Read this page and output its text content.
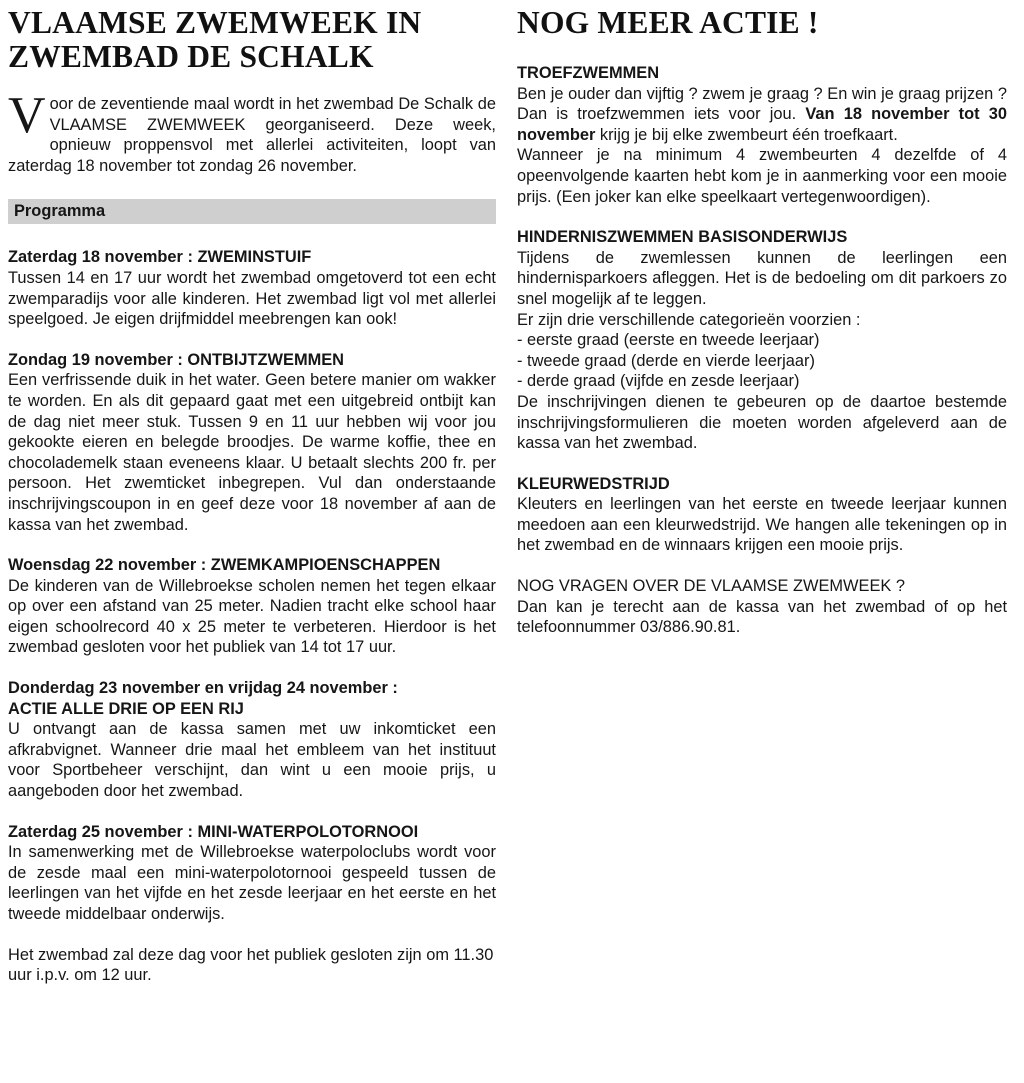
VLAAMSE ZWEMWEEK IN
ZWEMBAD DE SCHALK

Voor de zeventiende maal wordt in het zwembad De Schalk de VLAAMSE ZWEMWEEK georganiseerd. Deze week, opnieuw proppensvol met allerlei activiteiten, loopt van zaterdag 18 november tot zondag 26 november.

Programma

Zaterdag 18 november : ZWEMINSTUIF

Tussen 14 en 17 uur wordt het zwembad omgetoverd tot een echt zwemparadijs voor alle kinderen. Het zwembad ligt vol met allerlei speelgoed. Je eigen drijfmiddel meebrengen kan ook!

Zondag 19 november : ONTBIJTZWEMMEN

Een verfrissende duik in het water. Geen betere manier om wakker te worden. En als dit gepaard gaat met een uitgebreid ontbijt kan de dag niet meer stuk. Tussen 9 en 11 uur hebben wij voor jou gekookte eieren en belegde broodjes. De warme koffie, thee en chocolademelk staan eveneens klaar. U betaalt slechts 200 fr. per persoon. Het zwemticket inbegrepen. Vul dan onderstaande inschrijvingscoupon in en geef deze voor 18 november af aan de kassa van het zwembad.

Woensdag 22 november : ZWEMKAMPIOENSCHAPPEN

De kinderen van de Willebroekse scholen nemen het tegen elkaar op over een afstand van 25 meter. Nadien tracht elke school haar eigen schoolrecord 40 x 25 meter te verbeteren. Hierdoor is het zwembad gesloten voor het publiek van 14 tot 17 uur.

Donderdag 23 november en vrijdag 24 november :

ACTIE ALLE DRIE OP EEN RIJ

U ontvangt aan de kassa samen met uw inkomticket een afkrabvignet. Wanneer drie maal het embleem van het instituut voor Sportbeheer verschijnt, dan wint u een mooie prijs, u aangeboden door het zwembad.

Zaterdag 25 november : MINI-WATERPOLOTORNOOI

In samenwerking met de Willebroekse waterpoloclubs wordt voor de zesde maal een mini-waterpolotornooi gespeeld tussen de leerlingen van het vijfde en het zesde leerjaar en het eerste en het tweede middelbaar onderwijs.

Het zwembad zal deze dag voor het publiek gesloten zijn om 11.30 uur i.p.v. om 12 uur.

NOG MEER ACTIE !

TROEFZWEMMEN

Ben je ouder dan vijftig ? zwem je graag ? En win je graag prijzen ? Dan is troefzwemmen iets voor jou. Van 18 november tot 30 november krijg je bij elke zwembeurt één troefkaart.

Wanneer je na minimum 4 zwembeurten 4 dezelfde of 4 opeenvolgende kaarten hebt kom je in aanmerking voor een mooie prijs. (Een joker kan elke speelkaart vertegenwoordigen).

HINDERNISZWEMMEN BASISONDERWIJS

Tijdens de zwemlessen kunnen de leerlingen een hindernisparkoers afleggen. Het is de bedoeling om dit parkoers zo snel mogelijk af te leggen.

Er zijn drie verschillende categorieën voorzien :

- eerste graad (eerste en tweede leerjaar)
- tweede graad (derde en vierde leerjaar)
- derde graad (vijfde en zesde leerjaar)

De inschrijvingen dienen te gebeuren op de daartoe bestemde inschrijvingsformulieren die moeten worden afgeleverd aan de kassa van het zwembad.

KLEURWEDSTRIJD

Kleuters en leerlingen van het eerste en tweede leerjaar kunnen meedoen aan een kleurwedstrijd. We hangen alle tekeningen op in het zwembad en de winnaars krijgen een mooie prijs.

NOG VRAGEN OVER DE VLAAMSE ZWEMWEEK ?

Dan kan je terecht aan de kassa van het zwembad of op het telefoonnummer 03/886.90.81.
